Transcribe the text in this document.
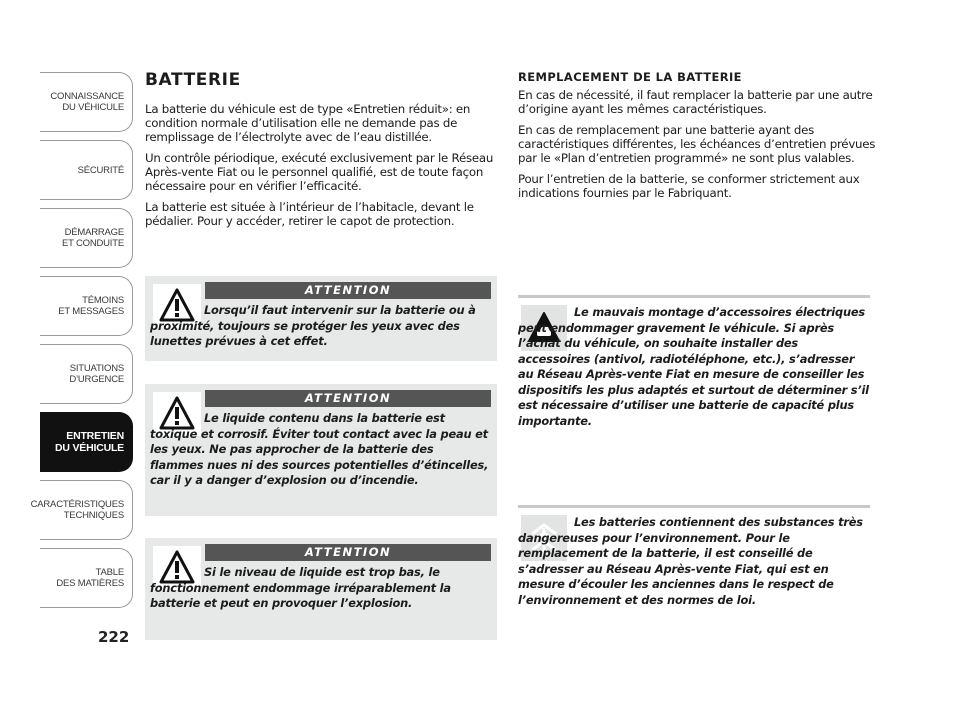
CONNAISSANCE
DU VÉHICULE
SÉCURITÉ
DÉMARRAGE
ET CONDUITE
TÉMOINS
ET MESSAGES
SITUATIONS
D’URGENCE
ENTRETIEN
DU VÉHICULE
CARACTÉRISTIQUES
TECHNIQUES
TABLE
DES MATIÈRES
222
BATTERIE

La batterie du véhicule est de type «Entretien réduit»: en condition normale d’utilisation elle ne demande pas de remplissage de l’électrolyte avec de l’eau distillée.

Un contrôle périodique, exécuté exclusivement par le Réseau Après-vente Fiat ou le personnel qualifié, est de toute façon nécessaire pour en vérifier l’efficacité.

La batterie est située à l’intérieur de l’habitacle, devant le pédalier. Pour y accéder, retirer le capot de protection.

ATTENTION
Lorsqu’il faut intervenir sur la batterie ou à proximité, toujours se protéger les yeux avec des lunettes prévues à cet effet.
ATTENTION
Le liquide contenu dans la batterie est toxique et corrosif. Éviter tout contact avec la peau et les yeux. Ne pas approcher de la batterie des flammes nues ni des sources potentielles d’étincelles, car il y a danger d’explosion ou d’incendie.
ATTENTION
Si le niveau de liquide est trop bas, le fonctionnement endommage irréparablement la batterie et peut en provoquer l’explosion.
REMPLACEMENT DE LA BATTERIE

En cas de nécessité, il faut remplacer la batterie par une autre d’origine ayant les mêmes caractéristiques.

En cas de remplacement par une batterie ayant des caractéristiques différentes, les échéances d’entretien prévues par le «Plan d’entretien programmé» ne sont plus valables.

Pour l’entretien de la batterie, se conformer strictement aux indications fournies par le Fabriquant.

Le mauvais montage d’accessoires électriques peut endommager gravement le véhicule. Si après l’achat du véhicule, on souhaite installer des accessoires (antivol, radiotéléphone, etc.), s’adresser au Réseau Après-vente Fiat en mesure de conseiller les dispositifs les plus adaptés et surtout de déterminer s’il est nécessaire d’utiliser une batterie de capacité plus importante.
Les batteries contiennent des substances très dangereuses pour l’environnement. Pour le remplacement de la batterie, il est conseillé de s’adresser au Réseau Après-vente Fiat, qui est en mesure d’écouler les anciennes dans le respect de l’environnement et des normes de loi.
